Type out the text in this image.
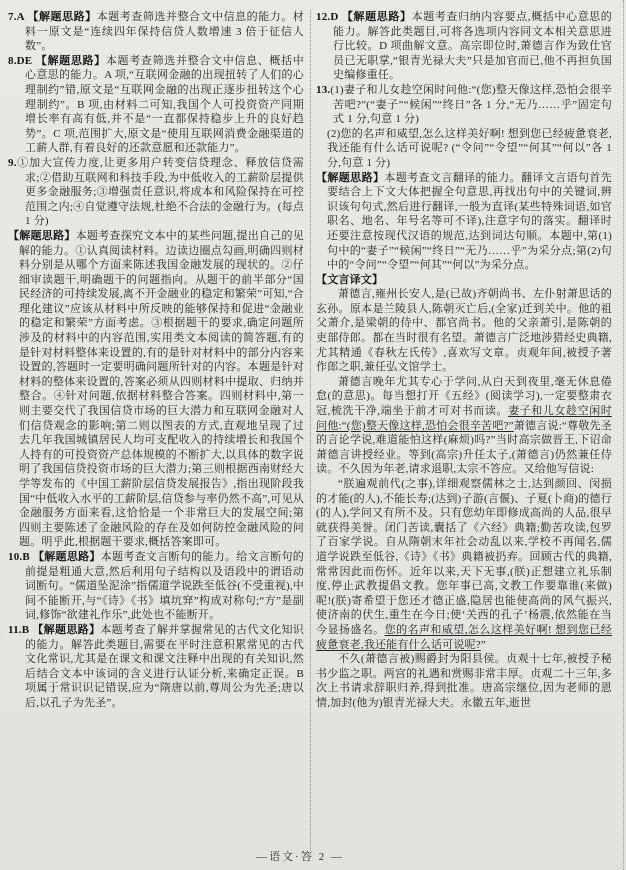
7.A 【解题思路】本题考查筛选并整合文中信息的能力。材料一原文是“连续四年保持信贷人数增速 3 倍于征信人数”。
8.DE 【解题思路】本题考查筛选并整合文中信息、概括中心意思的能力。A 项,“互联网金融的出现扭转了人们的心理制约”错,原文是“互联网金融的出现正逐步扭转这个心理制约”。B 项,由材料二可知,我国个人可投资资产同期增长率有高有低,并不是“一直都保持稳步上升的良好趋势”。C 项,范围扩大,原文是“使用互联网消费金融渠道的工薪人群,有着良好的还款意愿和还款能力”。
9.①加大宣传力度,让更多用户转变信贷理念、释放信贷需求;②借助互联网和科技手段,为中低收入的工薪阶层提供更多金融服务;③增强责任意识,将成本和风险保持在可控范围之内;④自觉遵守法规,杜绝不合法的金融行为。(每点 1 分)
【解题思路】本题考查探究文本中的某些问题,提出自己的见解的能力。①认真阅读材料。边读边圈点勾画,明确四则材料分别是从哪个方面来陈述我国金融发展的现状的。②仔细审读题干,明确题干的问题指向。从题干的前半部分“国民经济的可持续发展,离不开金融业的稳定和繁荣”可知,“合理化建议”应该从材料中所反映的能够保持和促进“金融业的稳定和繁荣”方面考虑。③根据题干的要求,确定问题所涉及的材料中的内容范围,实用类文本阅读的简答题,有的是针对材料整体来设置的,有的是针对材料中的部分内容来设置的,答题时一定要明确问题所针对的内容。本题是针对材料的整体来设置的,答案必须从四则材料中提取、归纳并整合。④针对问题,依据材料整合答案。四则材料中,第一则主要交代了我国信贷市场的巨大潜力和互联网金融对人们信贷观念的影响;第二则以图表的方式,直观地呈现了过去几年我国城镇居民人均可支配收入的持续增长和我国个人持有的可投资资产总体规模的不断扩大,以具体的数字说明了我国信贷投资市场的巨大潜力;第三则根据西南财经大学等发布的《中国工薪阶层信贷发展报告》,指出现阶段我国“中低收入水平的工薪阶层,信贷参与率仍然不高”,可见从金融服务方面来看,这恰恰是一个非常巨大的发展空间;第四则主要陈述了金融风险的存在及如何防控金融风险的问题。明乎此,根据题干要求,概括答案即可。
10.B 【解题思路】本题考查文言断句的能力。给文言断句的前提是粗通大意,然后利用句子结构以及语段中的谓语动词断句。“儒道坠泥涂”指儒道学说跌至低谷(不受重视),中间不能断开,与“《诗》《书》填坑穽”构成对称句;“方”是副词,修饰“欲建礼作乐”,此处也不能断开。
11.B 【解题思路】本题考查了解并掌握常见的古代文化知识的能力。解答此类题目,需要在平时注意积累常见的古代文化常识,尤其是在课文和课文注释中出现的有关知识,然后结合文本中该词的含义进行认证分析,来确定正误。B 项属于常识识记错误,应为“隋唐以前,尊周公为先圣;唐以后,以孔子为先圣”。
12.D 【解题思路】本题考查归纳内容要点,概括中心意思的能力。解答此类题目,可将各选项内容同文本相关意思进行比较。D 项曲解文意。高宗即位时,萧德言作为致仕官员已无职掌,“银青光禄大夫”只是加官而已,他不再担负国史编修重任。
13.(1)妻子和儿女趁空闲时问他:“(您)整天像这样,恐怕会很辛苦吧?”(“妻子”“候闲”“终日”各 1 分,“无乃……乎”固定句式 1 分,句意 1 分)
(2)您的名声和威望,怎么这样美好啊! 想到您已经疲惫衰老,我还能有什么话可说呢? (“令问”“令望”“何其”“何以”各 1 分,句意 1 分)
【解题思路】本题考查文言翻译的能力。翻译文言语句首先要结合上下文大体把握全句意思,再找出句中的关键词,辨识该句句式,然后进行翻译,一般为直译(某些特殊词语,如官职名、地名、年号名等可不译),注意字句的落实。翻译时还要注意按现代汉语的规范,达到词达句顺。本题中,第(1)句中的“妻子”“候闲”“终日”“无乃……乎”为采分点;第(2)句中的“令问”“令望”“何其”“何以”为采分点。
【文言译文】
萧德言,雍州长安人,是(已故)齐朝尚书、左仆射萧思话的玄孙。原本是兰陵县人,陈朝灭亡后,(全家)迁到关中。他的祖父萧介,是梁朝的侍中、都官尚书。他的父亲萧引,是陈朝的吏部侍郎。都在当时很有名望。萧德言广泛地涉猎经史典籍,尤其精通《春秋左氏传》,喜欢写文章。贞观年间,被授予著作郎之职,兼任弘文馆学士。
萧德言晚年尤其专心于学问,从白天到夜里,毫无休息倦怠(的意思)。每当想打开《五经》(阅读学习),一定要整肃衣冠,梳洗干净,端坐于前才可对书而读。妻子和儿女趁空闲时问他:“(您)整天像这样,恐怕会很辛苦吧?”萧德言说:“尊敬先圣的言论学说,难道能怕这样(麻烦)吗?”当时高宗做晋王,下诏命萧德言讲授经业。等到(高宗)升任太子,(萧德言)仍然兼任侍读。不久因为年老,请求退职,太宗不答应。又给他写信说:
“朕遍观前代(之事),详细观察儒林之士,达到颜回、闵损的才能(的人),不能长寿;(达到)子游(言偃)、子夏(卜商)的德行(的人),学问又有所不及。只有您幼年即修成高尚的人品,很早就获得美誉。闭门苦读,囊括了《六经》典籍;勤苦攻读,包罗了百家学说。自从隋朝末年社会动乱以来,学校不再闻名,儒道学说跌至低谷,《诗》《书》典籍被扔弃。回顾古代的典籍,常常因此而伤怀。近年以来,天下无事,(朕)正想建立礼乐制度,停止武教提倡文教。您年事已高,文教工作要靠谁(来做)呢!(朕)寄希望于您还才德正盛,隐居也能使高尚的风气振兴,使济南的伏生,重生在今日;使‘关西的孔子’杨震,依然能在当今显扬盛名。您的名声和威望,怎么这样美好啊! 想到您已经疲惫衰老,我还能有什么话可说呢?”
不久(萧德言被)赐爵封为阳县侯。贞观十七年,被授予秘书少监之职。两宫的礼遇和赏赐非常丰厚。贞观二十三年,多次上书请求辞职归养,得到批准。唐高宗继位,因为老师的恩情,加封(他为)银青光禄大夫。永徽五年,逝世
—语文·答 2 —
